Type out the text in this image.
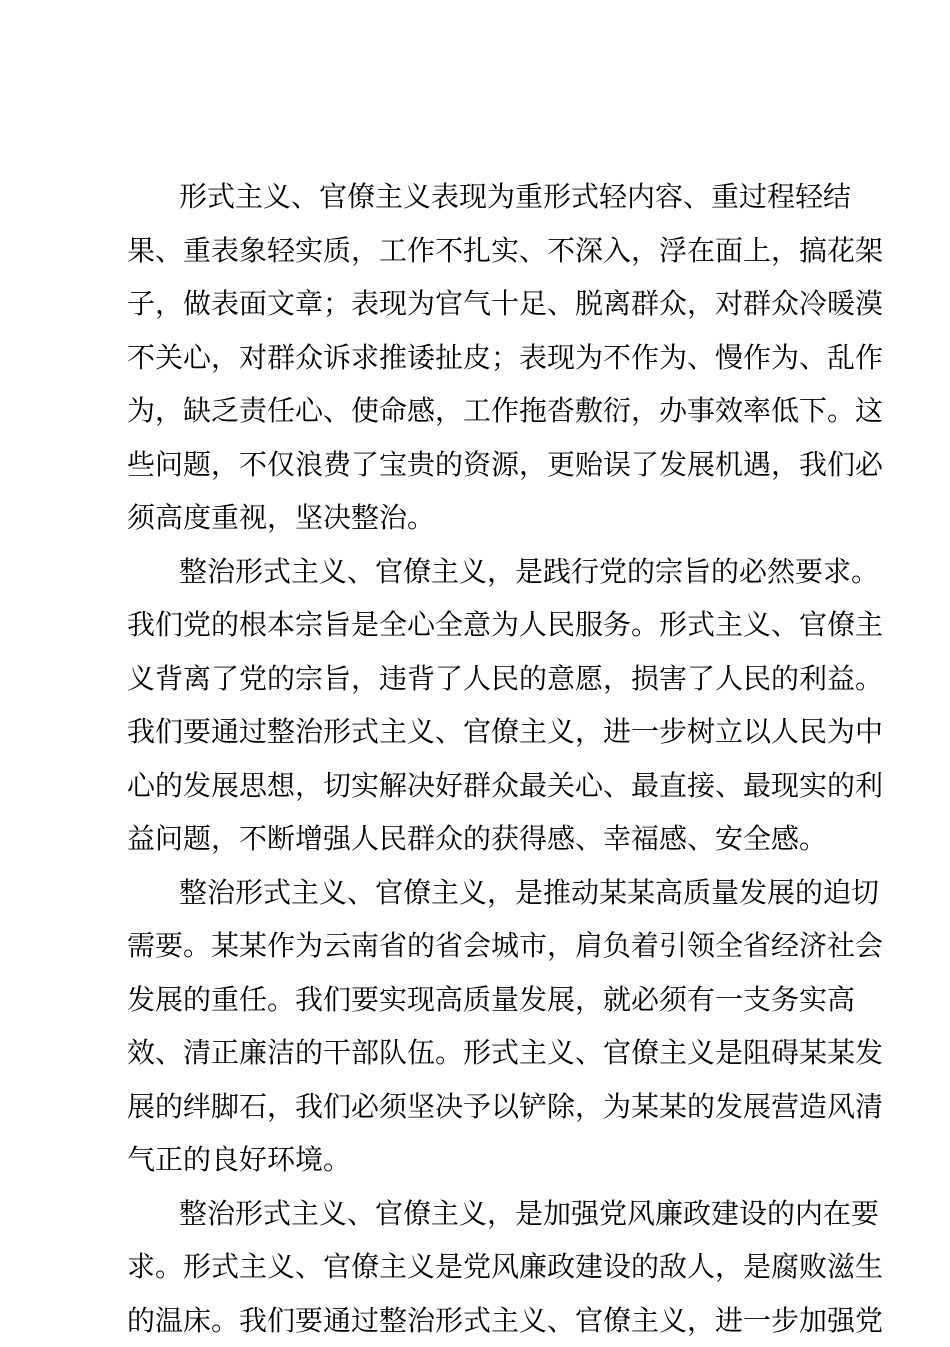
形式主义、官僚主义表现为重形式轻内容、重过程轻结
果、重表象轻实质，工作不扎实、不深入，浮在面上，搞花架
子，做表面文章；表现为官气十足、脱离群众，对群众冷暖漠
不关心，对群众诉求推诿扯皮；表现为不作为、慢作为、乱作
为，缺乏责任心、使命感，工作拖沓敷衍，办事效率低下。这
些问题，不仅浪费了宝贵的资源，更贻误了发展机遇，我们必
须高度重视，坚决整治。
整治形式主义、官僚主义，是践行党的宗旨的必然要求。
我们党的根本宗旨是全心全意为人民服务。形式主义、官僚主
义背离了党的宗旨，违背了人民的意愿，损害了人民的利益。
我们要通过整治形式主义、官僚主义，进一步树立以人民为中
心的发展思想，切实解决好群众最关心、最直接、最现实的利
益问题，不断增强人民群众的获得感、幸福感、安全感。
整治形式主义、官僚主义，是推动某某高质量发展的迫切
需要。某某作为云南省的省会城市，肩负着引领全省经济社会
发展的重任。我们要实现高质量发展，就必须有一支务实高
效、清正廉洁的干部队伍。形式主义、官僚主义是阻碍某某发
展的绊脚石，我们必须坚决予以铲除，为某某的发展营造风清
气正的良好环境。
整治形式主义、官僚主义，是加强党风廉政建设的内在要
求。形式主义、官僚主义是党风廉政建设的敌人，是腐败滋生
的温床。我们要通过整治形式主义、官僚主义，进一步加强党
